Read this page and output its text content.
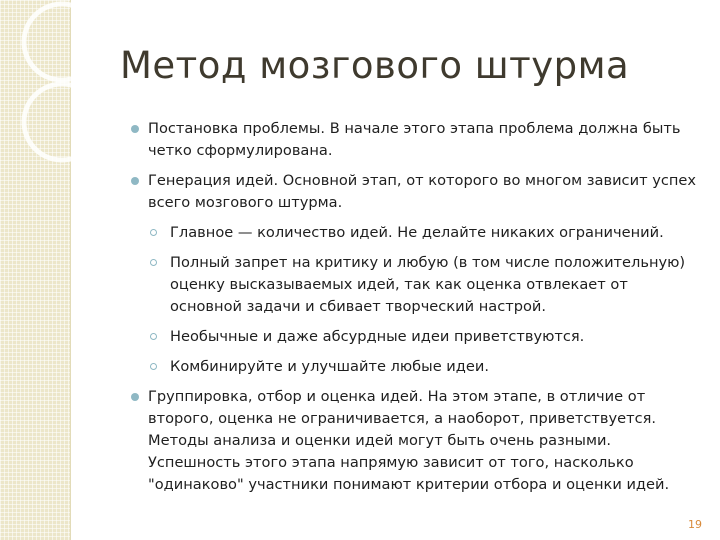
Метод мозгового штурма
Постановка проблемы. В начале этого этапа проблема должна быть четко сформулирована.
Генерация идей. Основной этап, от которого во многом зависит успех всего мозгового штурма.
Главное — количество идей. Не делайте никаких ограничений.
Полный запрет на критику и любую (в том числе положительную) оценку высказываемых идей, так как оценка отвлекает от основной задачи и сбивает творческий настрой.
Необычные и даже абсурдные идеи приветствуются.
Комбинируйте и улучшайте любые идеи.
Группировка, отбор и оценка идей. На этом этапе, в отличие от второго, оценка не ограничивается, а наоборот, приветствуется. Методы анализа и оценки идей могут быть очень разными. Успешность этого этапа напрямую зависит от того, насколько "одинаково" участники понимают критерии отбора и оценки идей.
19
